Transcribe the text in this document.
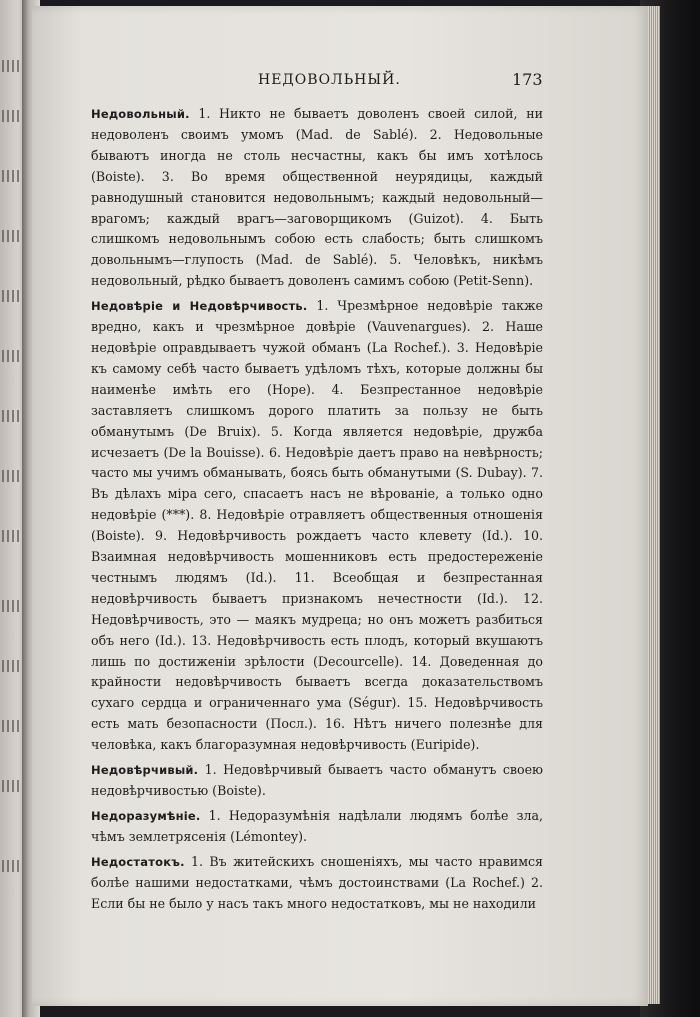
НЕДОВОЛЬНЫЙ.	173

Недовольный. 1. Никто не бываетъ доволенъ своей силой, ни недоволенъ своимъ умомъ (Mad. de Sablé). 2. Недовольные бываютъ иногда не столь несчастны, какъ бы имъ хотѣлось (Boiste). 3. Во время общественной неурядицы, каждый равнодушный становится недовольнымъ; каждый недовольный—врагомъ; каждый врагъ—заговорщикомъ (Guizot). 4. Быть слишкомъ недовольнымъ собою есть слабость; быть слишкомъ довольнымъ—глупость (Mad. de Sablé). 5. Человѣкъ, никѣмъ недовольный, рѣдко бываетъ доволенъ самимъ собою (Petit-Senn).

Недовѣріе и Недовѣрчивость. 1. Чрезмѣрное недовѣріе также вредно, какъ и чрезмѣрное довѣріе (Vauvenargues). 2. Наше недовѣріе оправдываетъ чужой обманъ (La Rochef.). 3. Недовѣріе къ самому себѣ часто бываетъ удѣломъ тѣхъ, которые должны бы наименѣе имѣть его (Hope). 4. Безпрестанное недовѣріе заставляетъ слишкомъ дорого платить за пользу не быть обманутымъ (De Bruix). 5. Когда является недовѣріе, дружба исчезаетъ (De la Bouisse). 6. Недовѣріе даетъ право на невѣрность; часто мы учимъ обманывать, боясь быть обманутыми (S. Dubay). 7. Въ дѣлахъ міра сего, спасаетъ насъ не вѣрованіе, а только одно недовѣріе (***). 8. Недовѣріе отравляетъ общественныя отношенія (Boiste). 9. Недовѣрчивость рождаетъ часто клевету (Id.). 10. Взаимная недовѣрчивость мошенниковъ есть предостереженіе честнымъ людямъ (Id.). 11. Всеобщая и безпрестанная недовѣрчивость бываетъ признакомъ нечестности (Id.). 12. Недовѣрчивость, это — маякъ мудреца; но онъ можетъ разбиться объ него (Id.). 13. Недовѣрчивость есть плодъ, который вкушаютъ лишь по достиженіи зрѣлости (Decourcelle). 14. Доведенная до крайности недовѣрчивость бываетъ всегда доказательствомъ сухаго сердца и ограниченнаго ума (Ségur). 15. Недовѣрчивость есть мать безопасности (Посл.). 16. Нѣтъ ничего полезнѣе для человѣка, какъ благоразумная недовѣрчивость (Euripide).

Недовѣрчивый. 1. Недовѣрчивый бываетъ часто обманутъ своею недовѣрчивостью (Boiste).

Недоразумѣніе. 1. Недоразумѣнія надѣлали людямъ болѣе зла, чѣмъ землетрясенія (Lémontey).

Недостатокъ. 1. Въ житейскихъ сношеніяхъ, мы часто нравимся болѣе нашими недостатками, чѣмъ достоинствами (La Rochef.) 2. Если бы не было у насъ такъ много недостатковъ, мы не находили
